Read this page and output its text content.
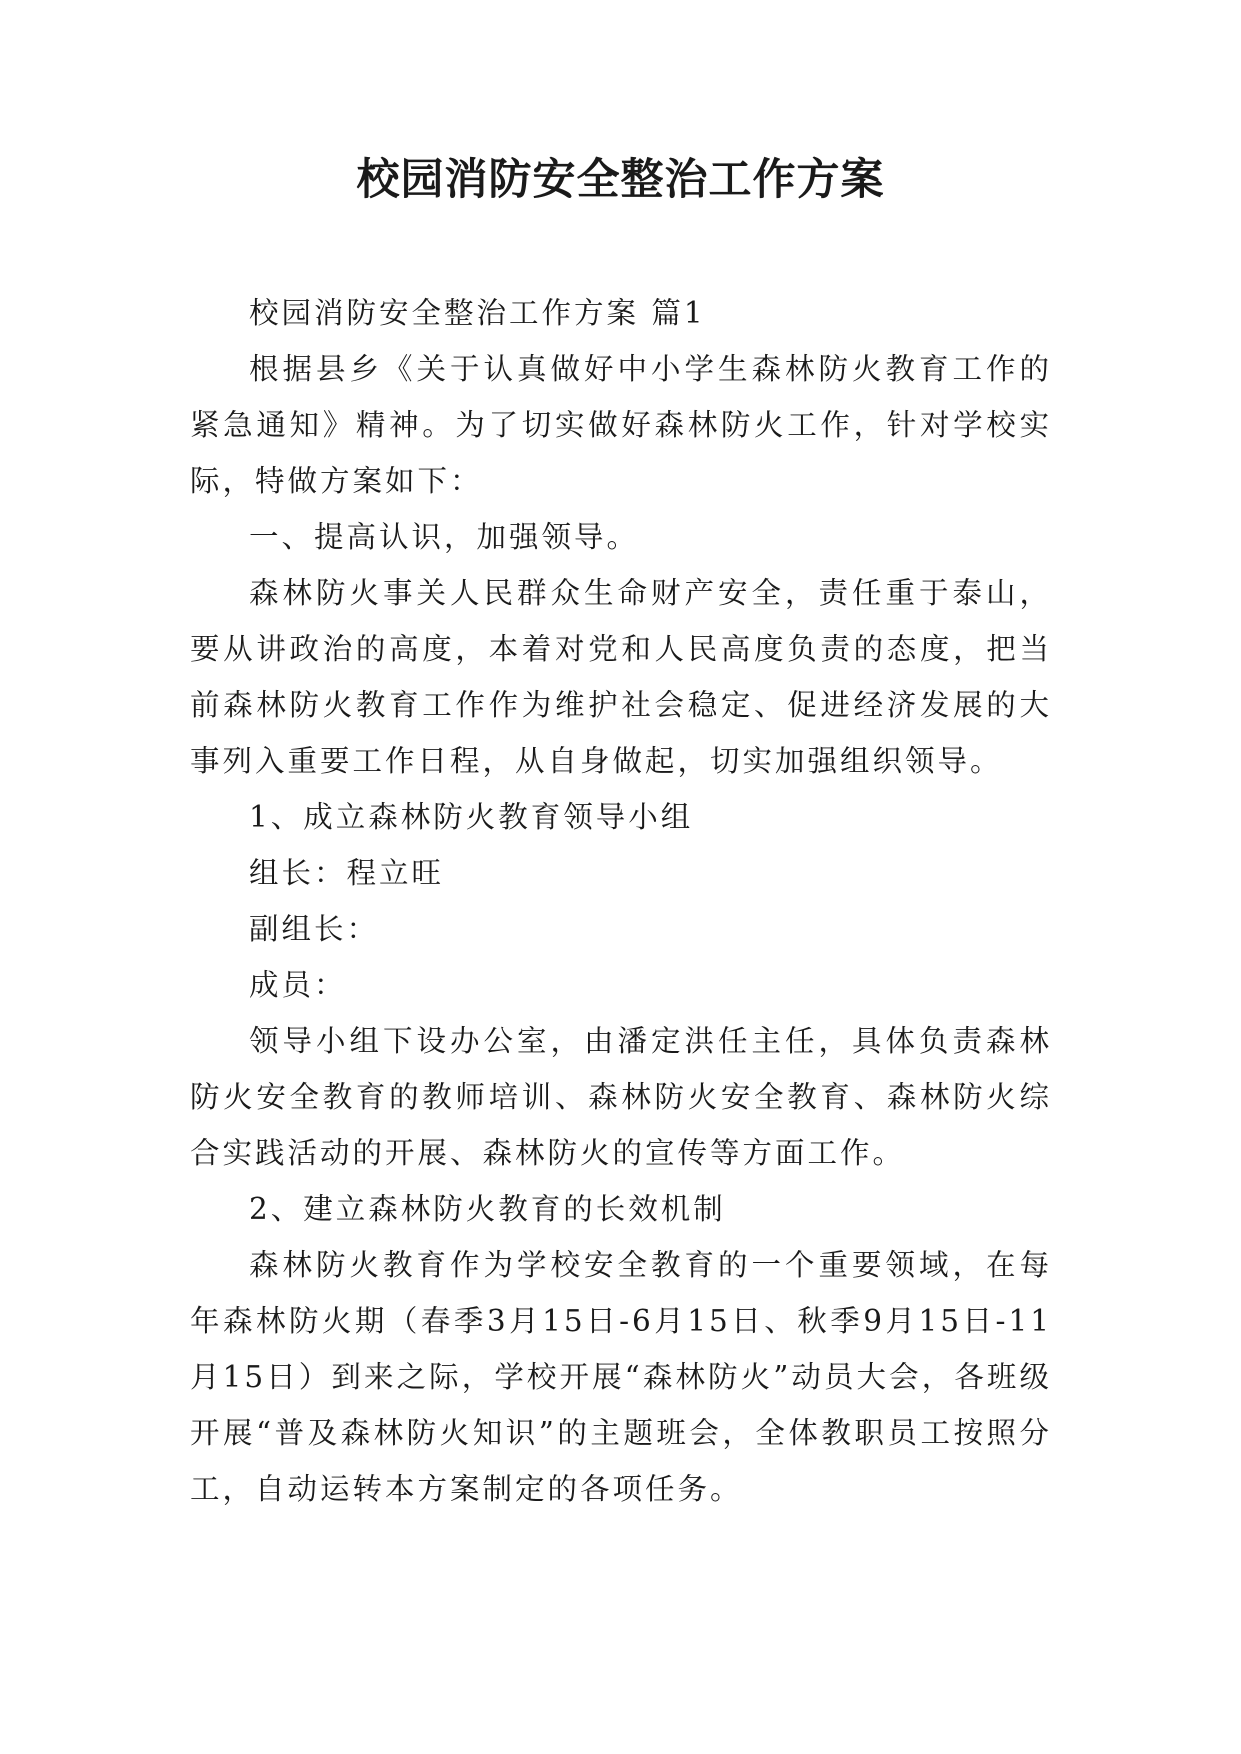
校园消防安全整治工作方案

校园消防安全整治工作方案 篇1

根据县乡《关于认真做好中小学生森林防火教育工作的紧急通知》精神。为了切实做好森林防火工作，针对学校实际，特做方案如下：

一、提高认识，加强领导。

森林防火事关人民群众生命财产安全，责任重于泰山，要从讲政治的高度，本着对党和人民高度负责的态度，把当前森林防火教育工作作为维护社会稳定、促进经济发展的大事列入重要工作日程，从自身做起，切实加强组织领导。

1、成立森林防火教育领导小组

组长：程立旺

副组长：

成员：

领导小组下设办公室，由潘定洪任主任，具体负责森林防火安全教育的教师培训、森林防火安全教育、森林防火综合实践活动的开展、森林防火的宣传等方面工作。

2、建立森林防火教育的长效机制

森林防火教育作为学校安全教育的一个重要领域，在每年森林防火期（春季3月15日-6月15日、秋季9月15日-11月15日）到来之际，学校开展“森林防火”动员大会，各班级开展“普及森林防火知识”的主题班会，全体教职员工按照分工，自动运转本方案制定的各项任务。
